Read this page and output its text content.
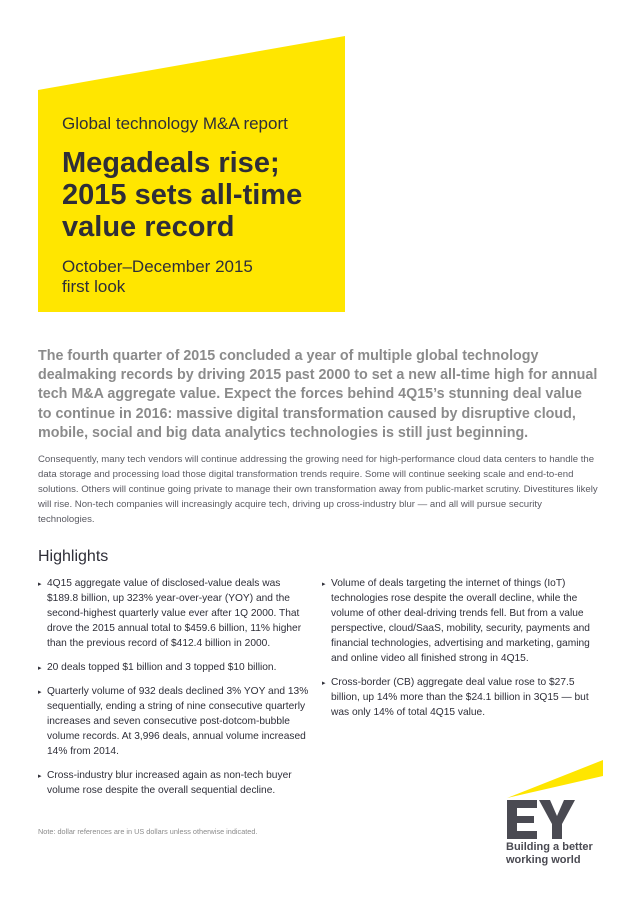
Global technology M&A report
Megadeals rise;
2015 sets all-time
value record
October–December 2015
first look

The fourth quarter of 2015 concluded a year of multiple global technology dealmaking records by driving 2015 past 2000 to set a new all-time high for annual tech M&A aggregate value. Expect the forces behind 4Q15’s stunning deal value to continue in 2016: massive digital transformation caused by disruptive cloud, mobile, social and big data analytics technologies is still just beginning.

Consequently, many tech vendors will continue addressing the growing need for high-performance cloud data centers to handle the data storage and processing load those digital transformation trends require. Some will continue seeking scale and end-to-end solutions. Others will continue going private to manage their own transformation away from public-market scrutiny. Divestitures likely will rise. Non-tech companies will increasingly acquire tech, driving up cross-industry blur — and all will pursue security technologies.

Highlights
▸ 4Q15 aggregate value of disclosed-value deals was $189.8 billion, up 323% year-over-year (YOY) and the second-highest quarterly value ever after 1Q 2000. That drove the 2015 annual total to $459.6 billion, 11% higher than the previous record of $412.4 billion in 2000.
▸ 20 deals topped $1 billion and 3 topped $10 billion.
▸ Quarterly volume of 932 deals declined 3% YOY and 13% sequentially, ending a string of nine consecutive quarterly increases and seven consecutive post-dotcom-bubble volume records. At 3,996 deals, annual volume increased 14% from 2014.
▸ Cross-industry blur increased again as non-tech buyer volume rose despite the overall sequential decline.
▸ Volume of deals targeting the internet of things (IoT) technologies rose despite the overall decline, while the volume of other deal-driving trends fell. But from a value perspective, cloud/SaaS, mobility, security, payments and financial technologies, advertising and marketing, gaming and online video all finished strong in 4Q15.
▸ Cross-border (CB) aggregate deal value rose to $27.5 billion, up 14% more than the $24.1 billion in 3Q15 — but was only 14% of total 4Q15 value.
Note: dollar references are in US dollars unless otherwise indicated.
Building a better
working world
